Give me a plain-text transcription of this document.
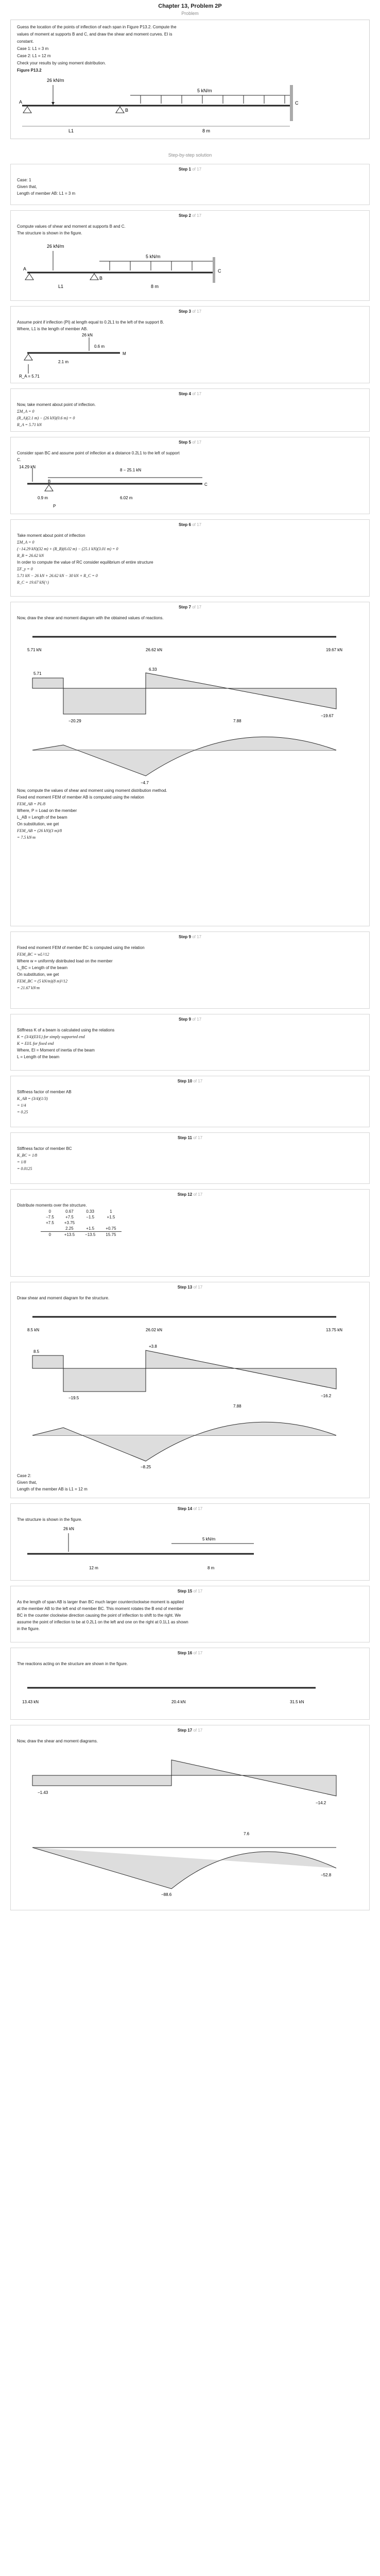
Chapter 13, Problem 2P
Problem

Guess the location of the points of inflection of each span in Figure P13.2. Compute the

values of moment at supports B and C, and draw the shear and moment curves. EI is

constant.

Case 1: L1 = 3 m

Case 2: L1 = 12 m

Check your results by using moment distribution.

Figure P13.2

26 kN/m
5 kN/m
A
B
C
L1	8 m
Step-by-step solution
Step 1 of 17

Case: 1

Given that,

Length of member AB: L1 = 3 m

Step 2 of 17

Compute values of shear and moment at supports B and C.

The structure is shown in the figure.

26 kN/m
5 kN/m
A
B
C
L1	8 m
Step 3 of 17

Assume point if inflection (PI) at length equal to 0.2L1 to the left of the support B.

Where, L1 is the length of member AB.

26 kN
0.6 m
2.1 m
R_A = 5.71
M
Step 4 of 17

Now, take moment about point of inflection.

ΣM_A = 0

(R_A)(2.1 m) − (26 kN)(0.6 m) = 0

R_A = 5.71 kN

Step 5 of 17

Consider span BC and assume point of inflection at a distance 0.2L1 to the left of support

C.

14.29 kN
8 − 25.1 kN
0.9 m	6.02 m
B
C
P
Step 6 of 17

Take moment about point of inflection

ΣM_A = 0

(−14.29 kN)(32 m) + (R_B)(6.02 m) − (25.1 kN)(3.01 m) = 0

R_B = 26.62 kN

In order to compute the value of RC consider equilibrium of entire structure

ΣF_y = 0

5.71 kN − 26 kN + 26.62 kN − 30 kN + R_C = 0

R_C = 19.67 kN(↑)

Step 7 of 17

Now, draw the shear and moment diagram with the obtained values of reactions.

5.71 kN	26.62 kN	19.67 kN
5.71
−20.29
6.33
−19.67
−4.7
7.88

Now, compute the values of shear and moment using moment distribution method.

Fixed end moment FEM of member AB is computed using the relation

FEM_AB = PL/8

Where, P = Load on the member

L_AB = Length of the beam

On substitution, we get

FEM_AB = (26 kN)(3 m)/8

= 7.5 kN·m

Step 9 of 17

Fixed end moment FEM of member BC is computed using the relation

FEM_BC = wL²/12

Where w = uniformly distributed load on the member

L_BC = Length of the beam

On substitution, we get

FEM_BC = (5 kN/m)(8 m)²/12

= 21.67 kN·m

Step 9 of 17

Stiffness K of a beam is calculated using the relations

K = (3/4)(EI/L) for simply supported end

K = EI/L for fixed end

Where, EI = Moment of inertia of the beam

L = Length of the beam

Step 10 of 17

Stiffness factor of member AB

K_AB = (3/4)(1/3)

= 1/4

= 0.25

Step 11 of 17

Stiffness factor of member BC

K_BC = 1/8

= 1/8

= 0.0125

Step 12 of 17

Distribute moments over the structure.

0	0.67	0.33	1
−7.5	+7.5	−1.5	+1.5
+7.5	+3.75		
	2.25	+1.5	+0.75
0	+13.5	−13.5	15.75
Step 13 of 17

Draw shear and moment diagram for the structure.

8.5 kN	26.02 kN	13.75 kN
8.5
−19.5
+3.8
−16.2
−8.25
7.88

Case 2:

Given that,

Length of the member AB is L1 = 12 m

Step 14 of 17

The structure is shown in the figure.

26 kN
5 kN/m
12 m	8 m
Step 15 of 17

As the length of span AB is larger than BC much larger counterclockwise moment is applied

at the member AB to the left end of member BC. This moment rotates the B end of member

BC in the counter clockwise direction causing the point of inflection to shift to the right. We

assume the point of inflection to be at 0.2L1 on the left and one on the right at 0.1L1 as shown

in the figure.

Step 16 of 17

The reactions acting on the structure are shown in the figure.

13.43 kN	20.4 kN	31.5 kN
Step 17 of 17

Now, draw the shear and moment diagrams.

−1.43
−14.2
−88.6
7.6
−52.8
